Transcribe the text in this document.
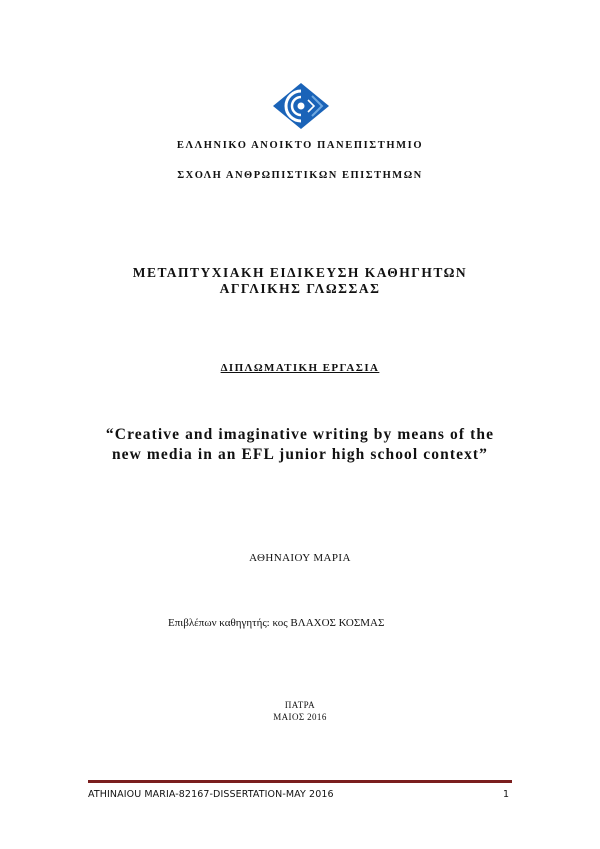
ΕΛΛΗΝΙΚΟ ΑΝΟΙΚΤΟ ΠΑΝΕΠΙΣΤΗΜΙΟ
ΣΧΟΛΗ ΑΝΘΡΩΠΙΣΤΙΚΩΝ ΕΠΙΣΤΗΜΩΝ
ΜΕΤΑΠΤΥΧΙΑΚΗ ΕΙΔΙΚΕΥΣΗ ΚΑΘΗΓΗΤΩΝ
ΑΓΓΛΙΚΗΣ ΓΛΩΣΣΑΣ
ΔΙΠΛΩΜΑΤΙΚΗ ΕΡΓΑΣΙΑ
“Creative and imaginative writing by means of the
new media in an EFL junior high school context”
ΑΘΗΝΑΙΟΥ ΜΑΡΙΑ
Επιβλέπων καθηγητής: κος ΒΛΑΧΟΣ ΚΟΣΜΑΣ
ΠΑΤΡΑ
ΜΑΙΟΣ 2016
ATHINAIOU MARIA-82167-DISSERTATION-MAY 2016	1
